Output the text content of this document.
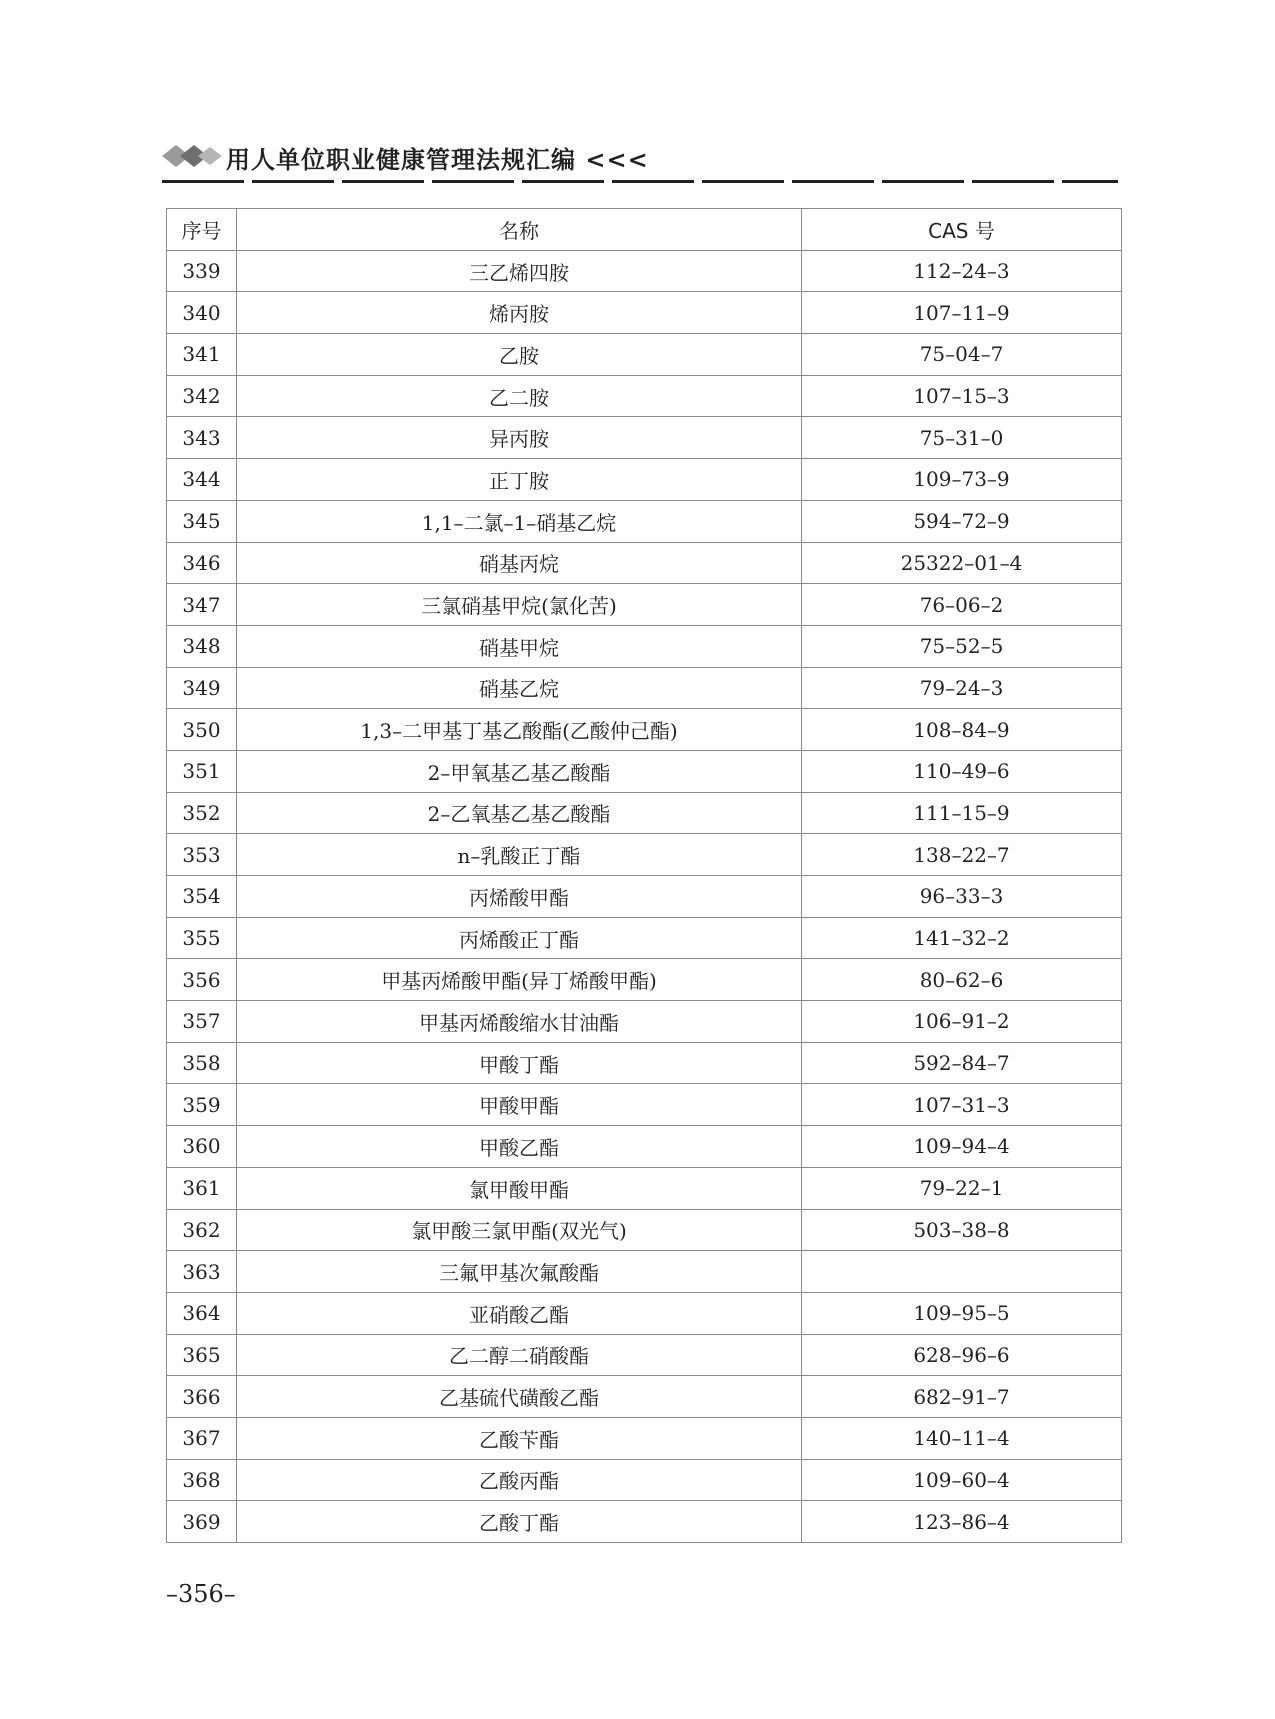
用人单位职业健康管理法规汇编 <<<
序号	名称	CAS 号
339	三乙烯四胺	112–24–3
340	烯丙胺	107–11–9
341	乙胺	75–04–7
342	乙二胺	107–15–3
343	异丙胺	75–31–0
344	正丁胺	109–73–9
345	1,1–二氯–1–硝基乙烷	594–72–9
346	硝基丙烷	25322–01–4
347	三氯硝基甲烷(氯化苦)	76–06–2
348	硝基甲烷	75–52–5
349	硝基乙烷	79–24–3
350	1,3–二甲基丁基乙酸酯(乙酸仲己酯)	108–84–9
351	2–甲氧基乙基乙酸酯	110–49–6
352	2–乙氧基乙基乙酸酯	111–15–9
353	n–乳酸正丁酯	138–22–7
354	丙烯酸甲酯	96–33–3
355	丙烯酸正丁酯	141–32–2
356	甲基丙烯酸甲酯(异丁烯酸甲酯)	80–62–6
357	甲基丙烯酸缩水甘油酯	106–91–2
358	甲酸丁酯	592–84–7
359	甲酸甲酯	107–31–3
360	甲酸乙酯	109–94–4
361	氯甲酸甲酯	79–22–1
362	氯甲酸三氯甲酯(双光气)	503–38–8
363	三氟甲基次氟酸酯	
364	亚硝酸乙酯	109–95–5
365	乙二醇二硝酸酯	628–96–6
366	乙基硫代磺酸乙酯	682–91–7
367	乙酸苄酯	140–11–4
368	乙酸丙酯	109–60–4
369	乙酸丁酯	123–86–4
–356–
